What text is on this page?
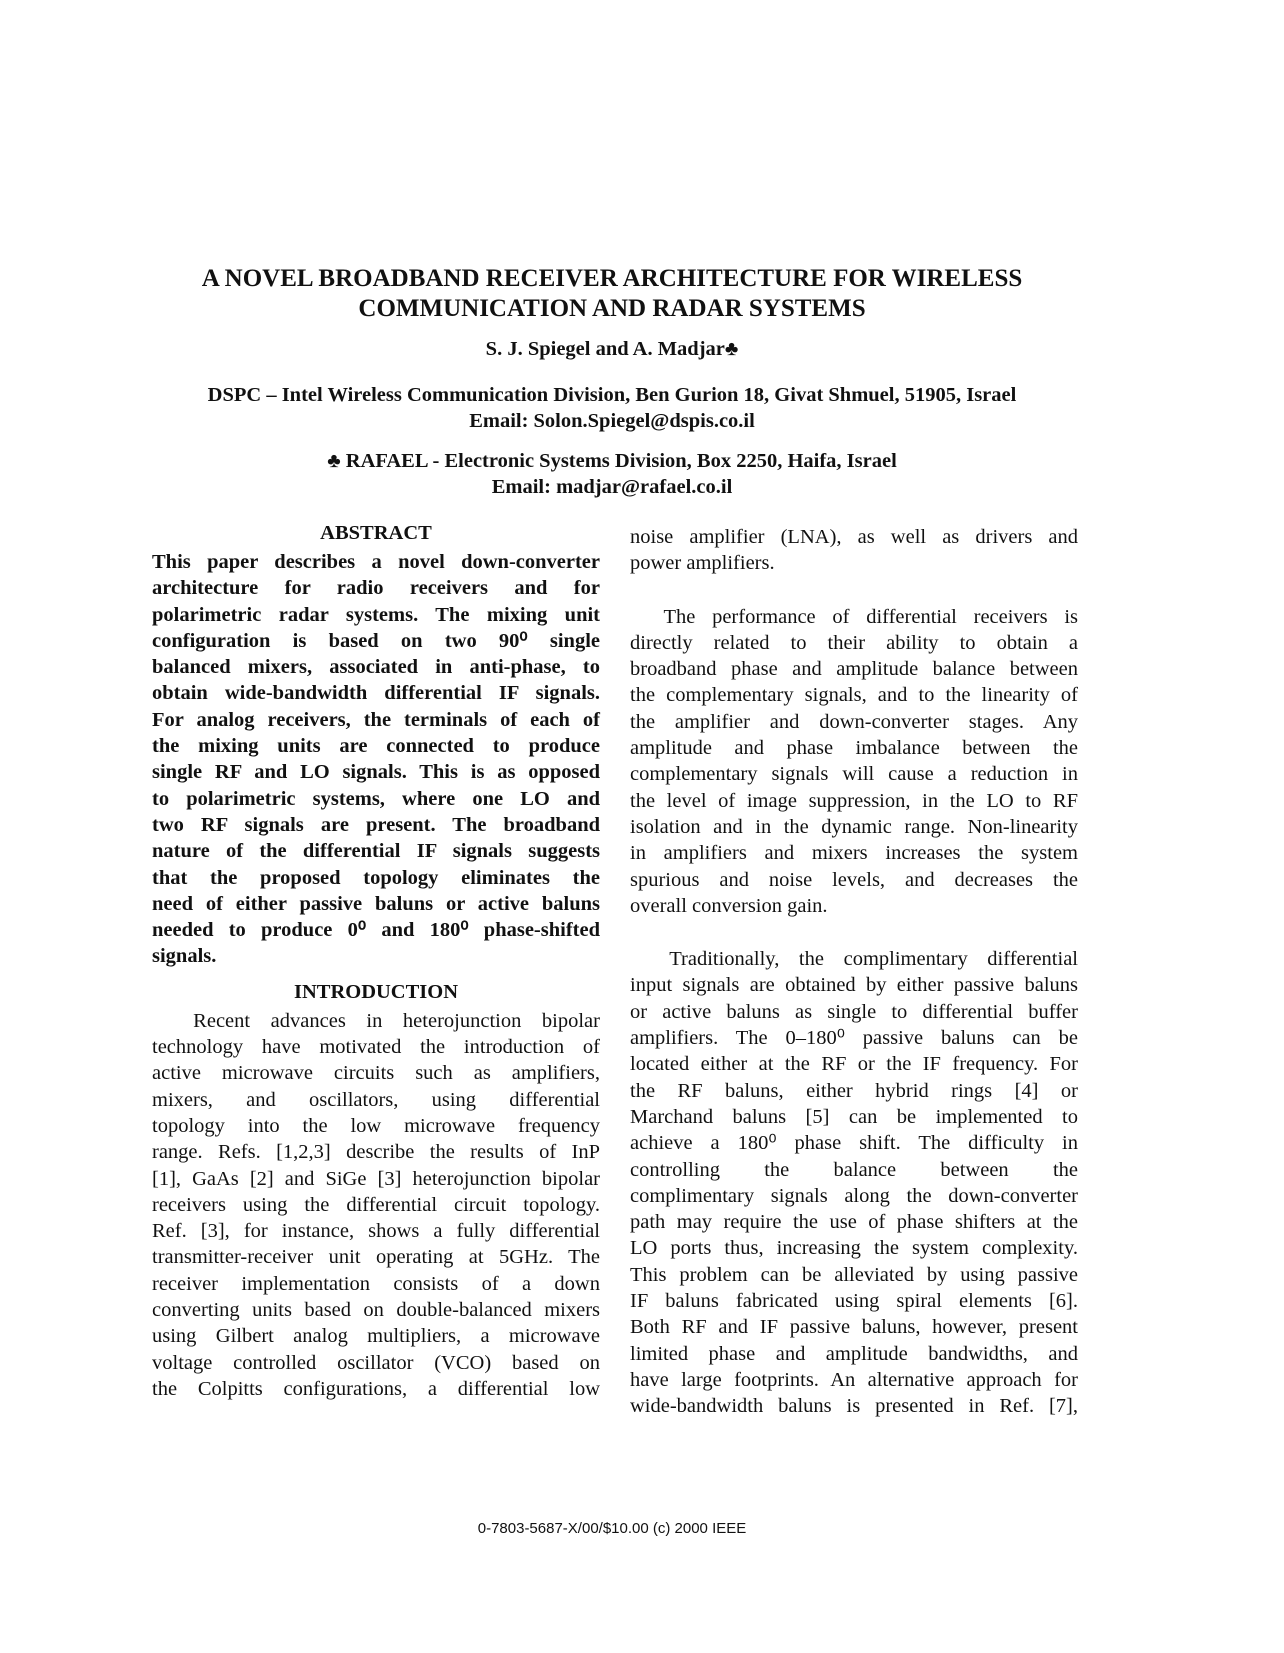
A NOVEL BROADBAND RECEIVER ARCHITECTURE FOR WIRELESS
COMMUNICATION AND RADAR SYSTEMS
S. J. Spiegel and A. Madjar♣
DSPC – Intel Wireless Communication Division, Ben Gurion 18, Givat Shmuel, 51905, Israel
Email: Solon.Spiegel@dspis.co.il
♣ RAFAEL - Electronic Systems Division, Box 2250, Haifa, Israel
Email: madjar@rafael.co.il
ABSTRACT
This paper describes a novel down-converter
architecture for radio receivers and for
polarimetric radar systems. The mixing unit
configuration is based on two 90⁰ single
balanced mixers, associated in anti-phase, to
obtain wide-bandwidth differential IF signals.
For analog receivers, the terminals of each of
the mixing units are connected to produce
single RF and LO signals. This is as opposed
to polarimetric systems, where one LO and
two RF signals are present. The broadband
nature of the differential IF signals suggests
that the proposed topology eliminates the
need of either passive baluns or active baluns
needed to produce 0⁰ and 180⁰ phase-shifted
signals.
INTRODUCTION
Recent advances in heterojunction bipolar
technology have motivated the introduction of
active microwave circuits such as amplifiers,
mixers, and oscillators, using differential
topology into the low microwave frequency
range. Refs. [1,2,3] describe the results of InP
[1], GaAs [2] and SiGe [3] heterojunction bipolar
receivers using the differential circuit topology.
Ref. [3], for instance, shows a fully differential
transmitter-receiver unit operating at 5GHz. The
receiver implementation consists of a down
converting units based on double-balanced mixers
using Gilbert analog multipliers, a microwave
voltage controlled oscillator (VCO) based on
the Colpitts configurations, a differential low
noise amplifier (LNA), as well as drivers and
power amplifiers.
The performance of differential receivers is
directly related to their ability to obtain a
broadband phase and amplitude balance between
the complementary signals, and to the linearity of
the amplifier and down-converter stages. Any
amplitude and phase imbalance between the
complementary signals will cause a reduction in
the level of image suppression, in the LO to RF
isolation and in the dynamic range. Non-linearity
in amplifiers and mixers increases the system
spurious and noise levels, and decreases the
overall conversion gain.
Traditionally, the complimentary differential
input signals are obtained by either passive baluns
or active baluns as single to differential buffer
amplifiers. The 0–180⁰ passive baluns can be
located either at the RF or the IF frequency. For
the RF baluns, either hybrid rings [4] or
Marchand baluns [5] can be implemented to
achieve a 180⁰ phase shift. The difficulty in
controlling the balance between the
complimentary signals along the down-converter
path may require the use of phase shifters at the
LO ports thus, increasing the system complexity.
This problem can be alleviated by using passive
IF baluns fabricated using spiral elements [6].
Both RF and IF passive baluns, however, present
limited phase and amplitude bandwidths, and
have large footprints. An alternative approach for
wide-bandwidth baluns is presented in Ref. [7],
0-7803-5687-X/00/$10.00 (c) 2000 IEEE
